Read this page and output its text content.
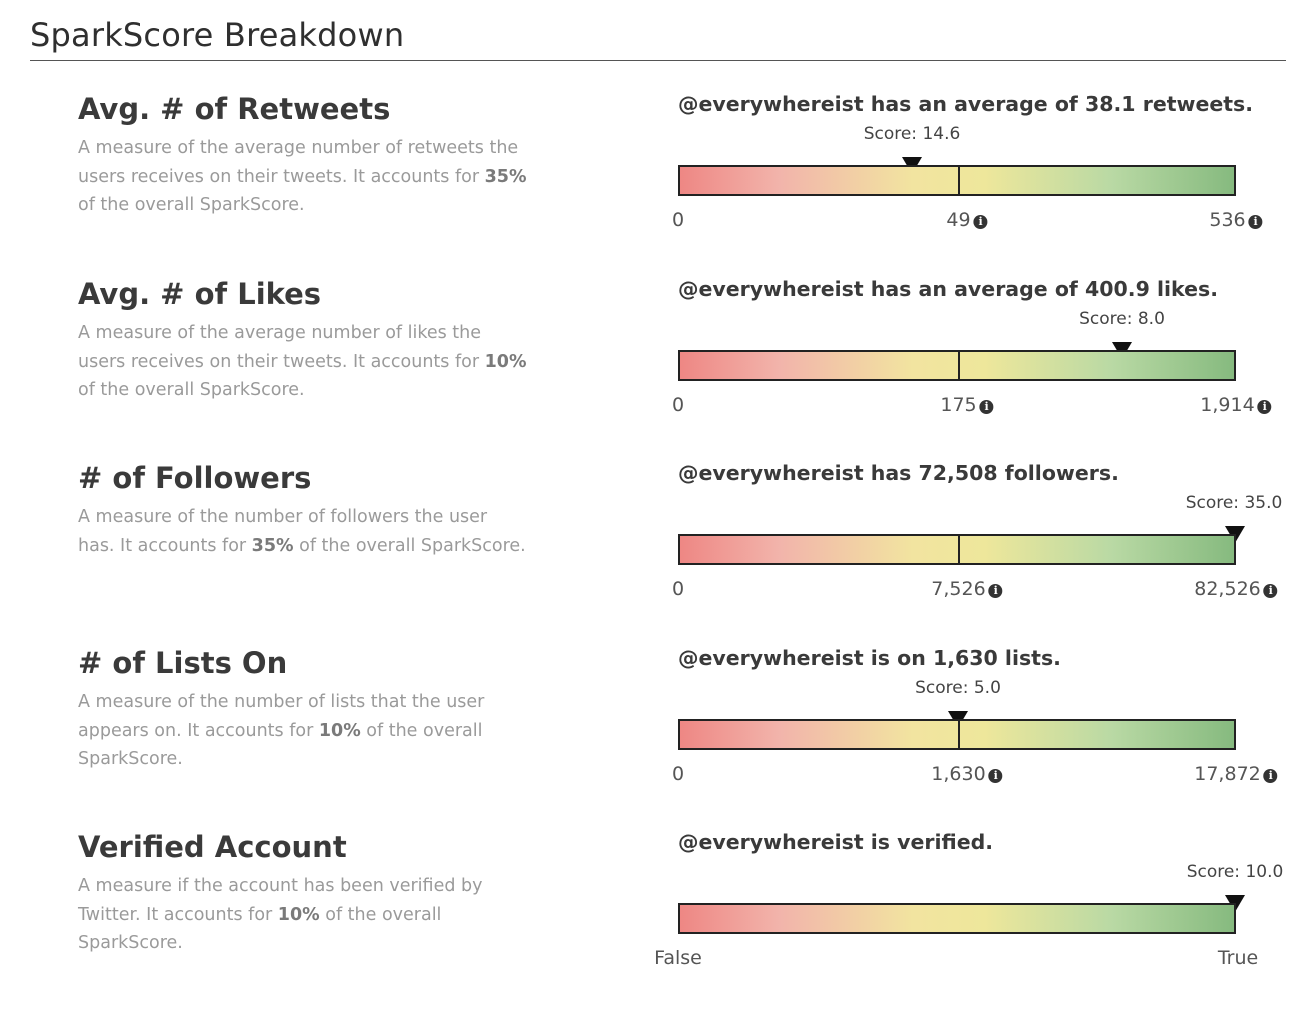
SparkScore Breakdown
Avg. # of Retweets
A measure of the average number of retweets the users receives on their tweets. It accounts for 35% of the overall SparkScore.
@everywhereist has an average of 38.1 retweets.
Score: 14.6
0	49 i	536 i
Avg. # of Likes
A measure of the average number of likes the users receives on their tweets. It accounts for 10% of the overall SparkScore.
@everywhereist has an average of 400.9 likes.
Score: 8.0
0	175 i	1,914 i
# of Followers
A measure of the number of followers the user has. It accounts for 35% of the overall SparkScore.
@everywhereist has 72,508 followers.
Score: 35.0
0	7,526 i	82,526 i
# of Lists On
A measure of the number of lists that the user appears on. It accounts for 10% of the overall SparkScore.
@everywhereist is on 1,630 lists.
Score: 5.0
0	1,630 i	17,872 i
Verified Account
A measure if the account has been verified by Twitter. It accounts for 10% of the overall SparkScore.
@everywhereist is verified.
Score: 10.0
False	True
